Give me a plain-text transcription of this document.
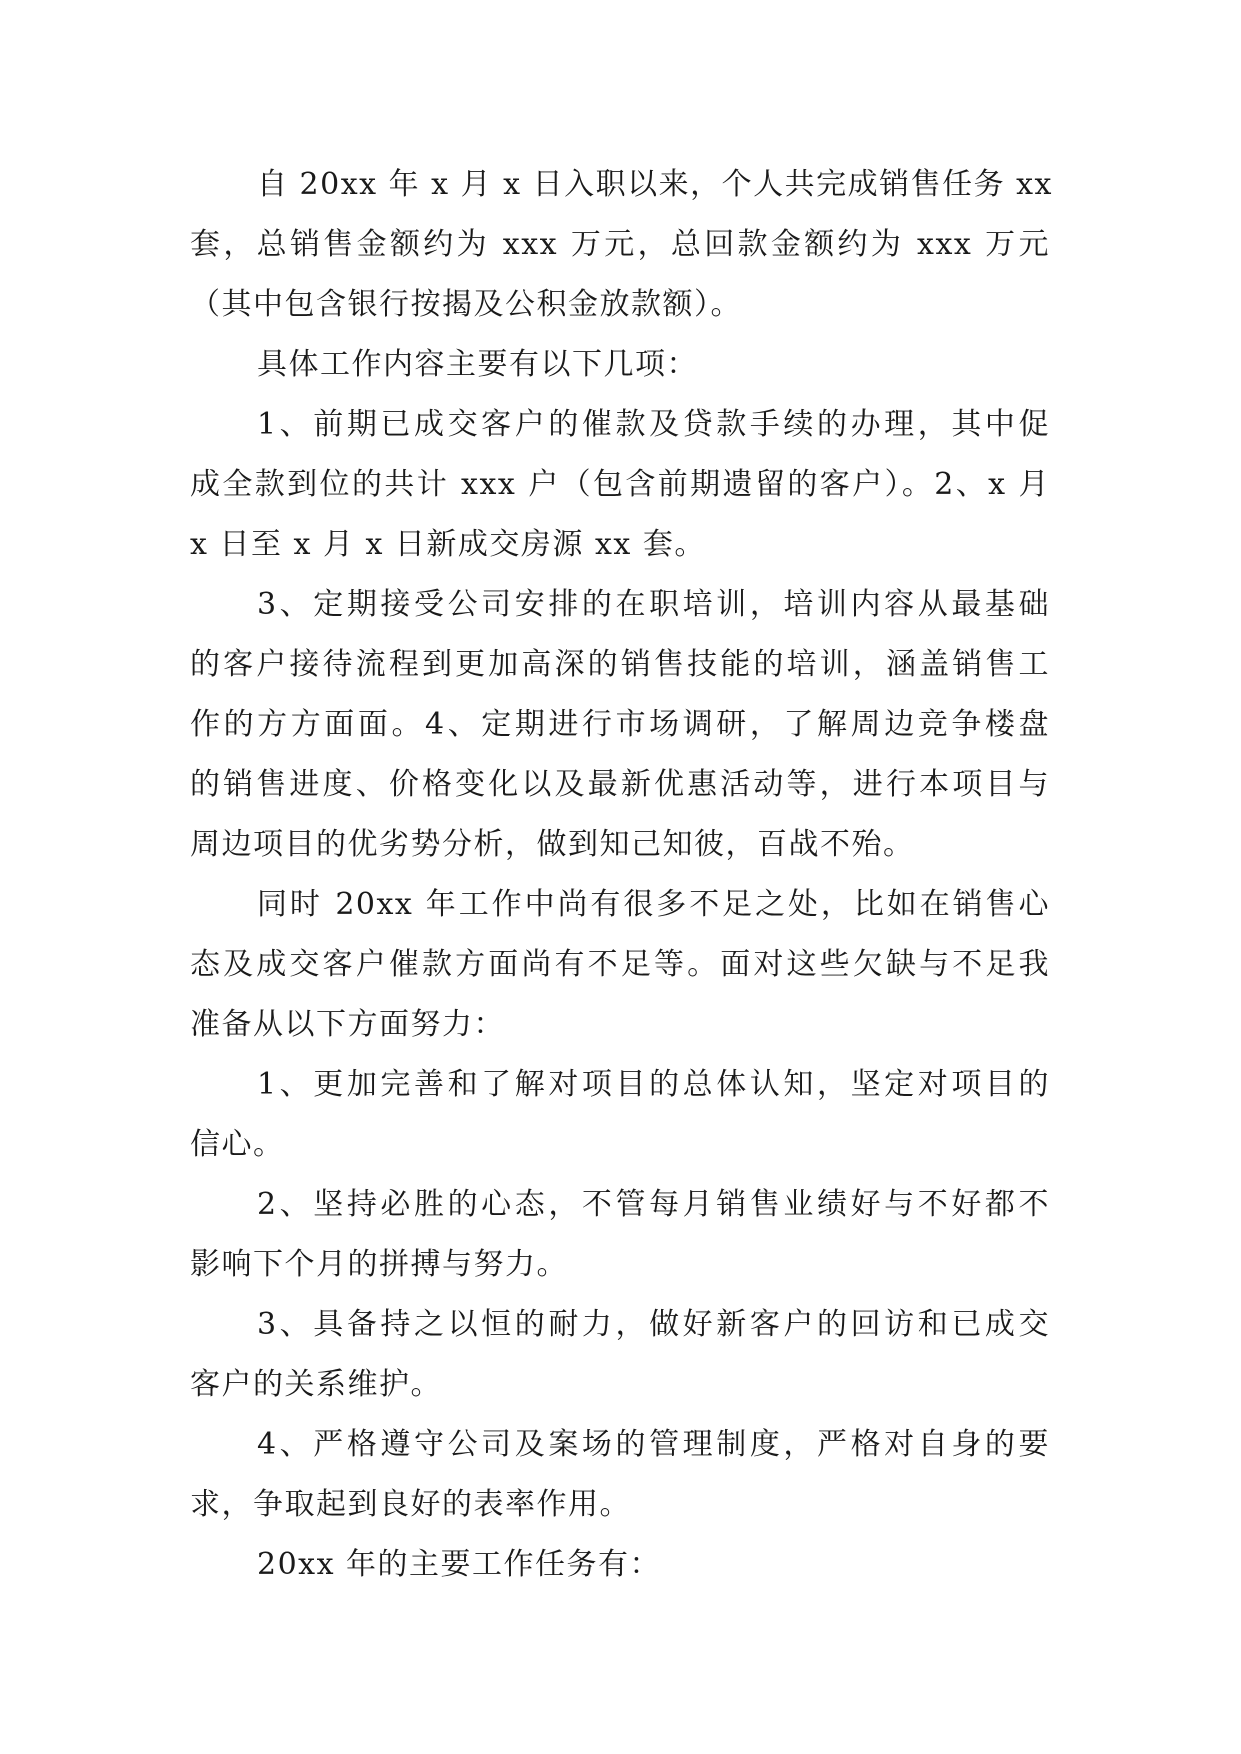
自 20xx 年 x 月 x 日入职以来，个人共完成销售任务 xx
套，总销售金额约为 xxx 万元，总回款金额约为 xxx 万元
（其中包含银行按揭及公积金放款额）。
具体工作内容主要有以下几项：
1、前期已成交客户的催款及贷款手续的办理，其中促
成全款到位的共计 xxx 户（包含前期遗留的客户）。2、x 月
x 日至 x 月 x 日新成交房源 xx 套。
3、定期接受公司安排的在职培训，培训内容从最基础
的客户接待流程到更加高深的销售技能的培训，涵盖销售工
作的方方面面。4、定期进行市场调研，了解周边竞争楼盘
的销售进度、价格变化以及最新优惠活动等，进行本项目与
周边项目的优劣势分析，做到知己知彼，百战不殆。
同时 20xx 年工作中尚有很多不足之处，比如在销售心
态及成交客户催款方面尚有不足等。面对这些欠缺与不足我
准备从以下方面努力：
1、更加完善和了解对项目的总体认知，坚定对项目的
信心。
2、坚持必胜的心态，不管每月销售业绩好与不好都不
影响下个月的拼搏与努力。
3、具备持之以恒的耐力，做好新客户的回访和已成交
客户的关系维护。
4、严格遵守公司及案场的管理制度，严格对自身的要
求，争取起到良好的表率作用。
20xx 年的主要工作任务有：
